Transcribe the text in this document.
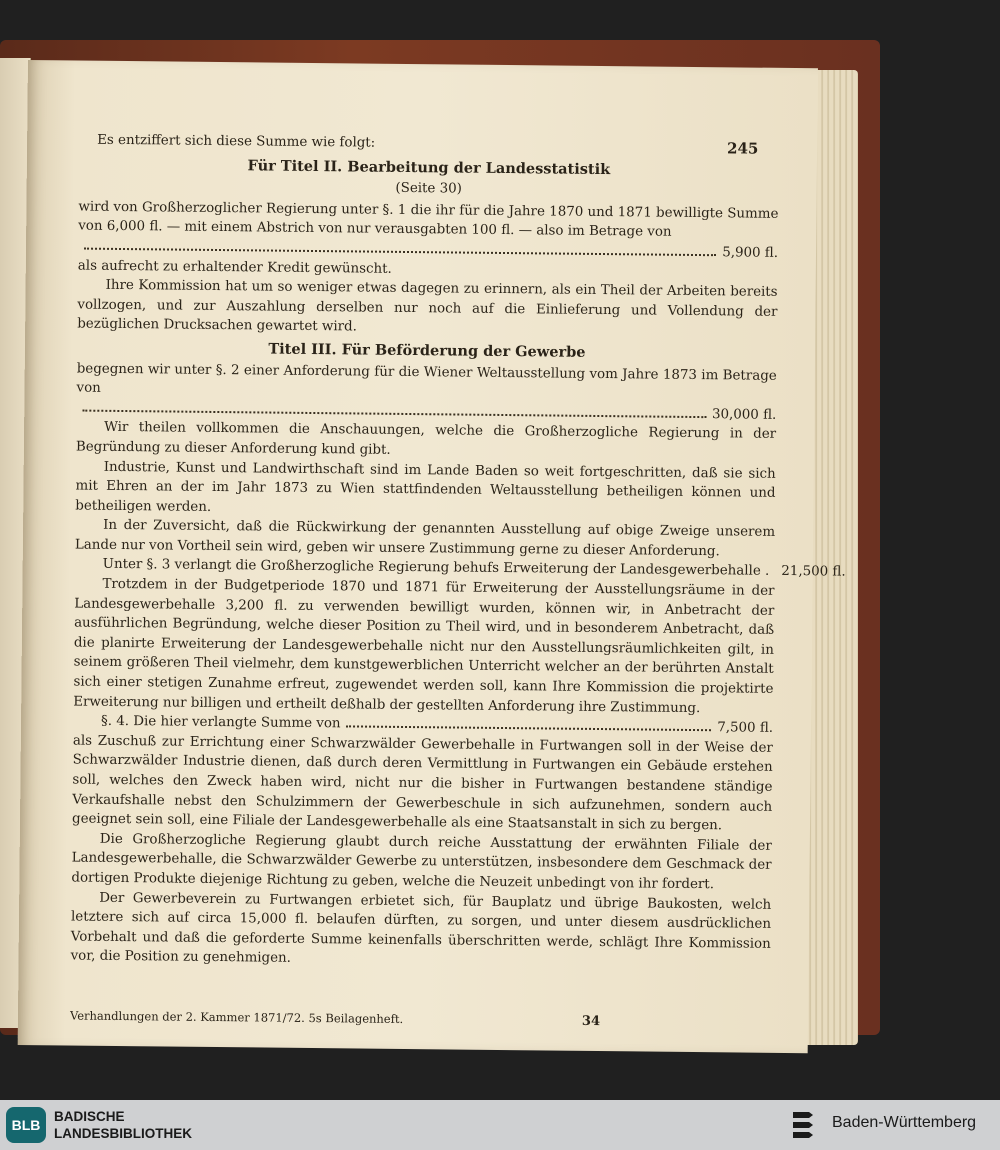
245

Es entziffert sich diese Summe wie folgt:

Für Titel II. Bearbeitung der Landesstatistik
(Seite 30)
wird von Großherzoglicher Regierung unter §. 1 die ihr für die Jahre 1870 und 1871 bewilligte Summe von 6,000 fl. — mit einem Abstrich von nur verausgabten 100 fl. — also im Betrage von
5,900 fl.

als aufrecht zu erhaltender Kredit gewünscht.

Ihre Kommission hat um so weniger etwas dagegen zu erinnern, als ein Theil der Arbeiten bereits vollzogen, und zur Auszahlung derselben nur noch auf die Einlieferung und Vollendung der bezüglichen Drucksachen gewartet wird.

Titel III. Für Beförderung der Gewerbe

begegnen wir unter §. 2 einer Anforderung für die Wiener Weltausstellung vom Jahre 1873 im Betrage von

30,000 fl.

Wir theilen vollkommen die Anschauungen, welche die Großherzogliche Regierung in der Begründung zu dieser Anforderung kund gibt.

Industrie, Kunst und Landwirthschaft sind im Lande Baden so weit fortgeschritten, daß sie sich mit Ehren an der im Jahr 1873 zu Wien stattfindenden Weltausstellung betheiligen können und betheiligen werden.

In der Zuversicht, daß die Rückwirkung der genannten Ausstellung auf obige Zweige unserem Lande nur von Vortheil sein wird, geben wir unsere Zustimmung gerne zu dieser Anforderung.

Unter §. 3 verlangt die Großherzogliche Regierung behufs Erweiterung der Landesgewerbehalle . 21,500 fl.

Trotzdem in der Budgetperiode 1870 und 1871 für Erweiterung der Ausstellungsräume in der Landesgewerbehalle 3,200 fl. zu verwenden bewilligt wurden, können wir, in Anbetracht der ausführlichen Begründung, welche dieser Position zu Theil wird, und in besonderem Anbetracht, daß die planirte Erweiterung der Landesgewerbehalle nicht nur den Ausstellungsräumlichkeiten gilt, in seinem größeren Theil vielmehr, dem kunstgewerblichen Unterricht welcher an der berührten Anstalt sich einer stetigen Zunahme erfreut, zugewendet werden soll, kann Ihre Kommission die projektirte Erweiterung nur billigen und ertheilt deßhalb der gestellten Anforderung ihre Zustimmung.

§. 4. Die hier verlangte Summe von	7,500 fl.

als Zuschuß zur Errichtung einer Schwarzwälder Gewerbehalle in Furtwangen soll in der Weise der Schwarzwälder Industrie dienen, daß durch deren Vermittlung in Furtwangen ein Gebäude erstehen soll, welches den Zweck haben wird, nicht nur die bisher in Furtwangen bestandene ständige Verkaufshalle nebst den Schulzimmern der Gewerbeschule in sich aufzunehmen, sondern auch geeignet sein soll, eine Filiale der Landesgewerbehalle als eine Staatsanstalt in sich zu bergen.

Die Großherzogliche Regierung glaubt durch reiche Ausstattung der erwähnten Filiale der Landesgewerbehalle, die Schwarzwälder Gewerbe zu unterstützen, insbesondere dem Geschmack der dortigen Produkte diejenige Richtung zu geben, welche die Neuzeit unbedingt von ihr fordert.

Der Gewerbeverein zu Furtwangen erbietet sich, für Bauplatz und übrige Baukosten, welch letztere sich auf circa 15,000 fl. belaufen dürften, zu sorgen, und unter diesem ausdrücklichen Vorbehalt und daß die geforderte Summe keinenfalls überschritten werde, schlägt Ihre Kommission vor, die Position zu genehmigen.

Verhandlungen der 2. Kammer 1871/72. 5s Beilagenheft.	34
BLB
BADISCHE
LANDESBIBLIOTHEK
Baden-Württemberg
